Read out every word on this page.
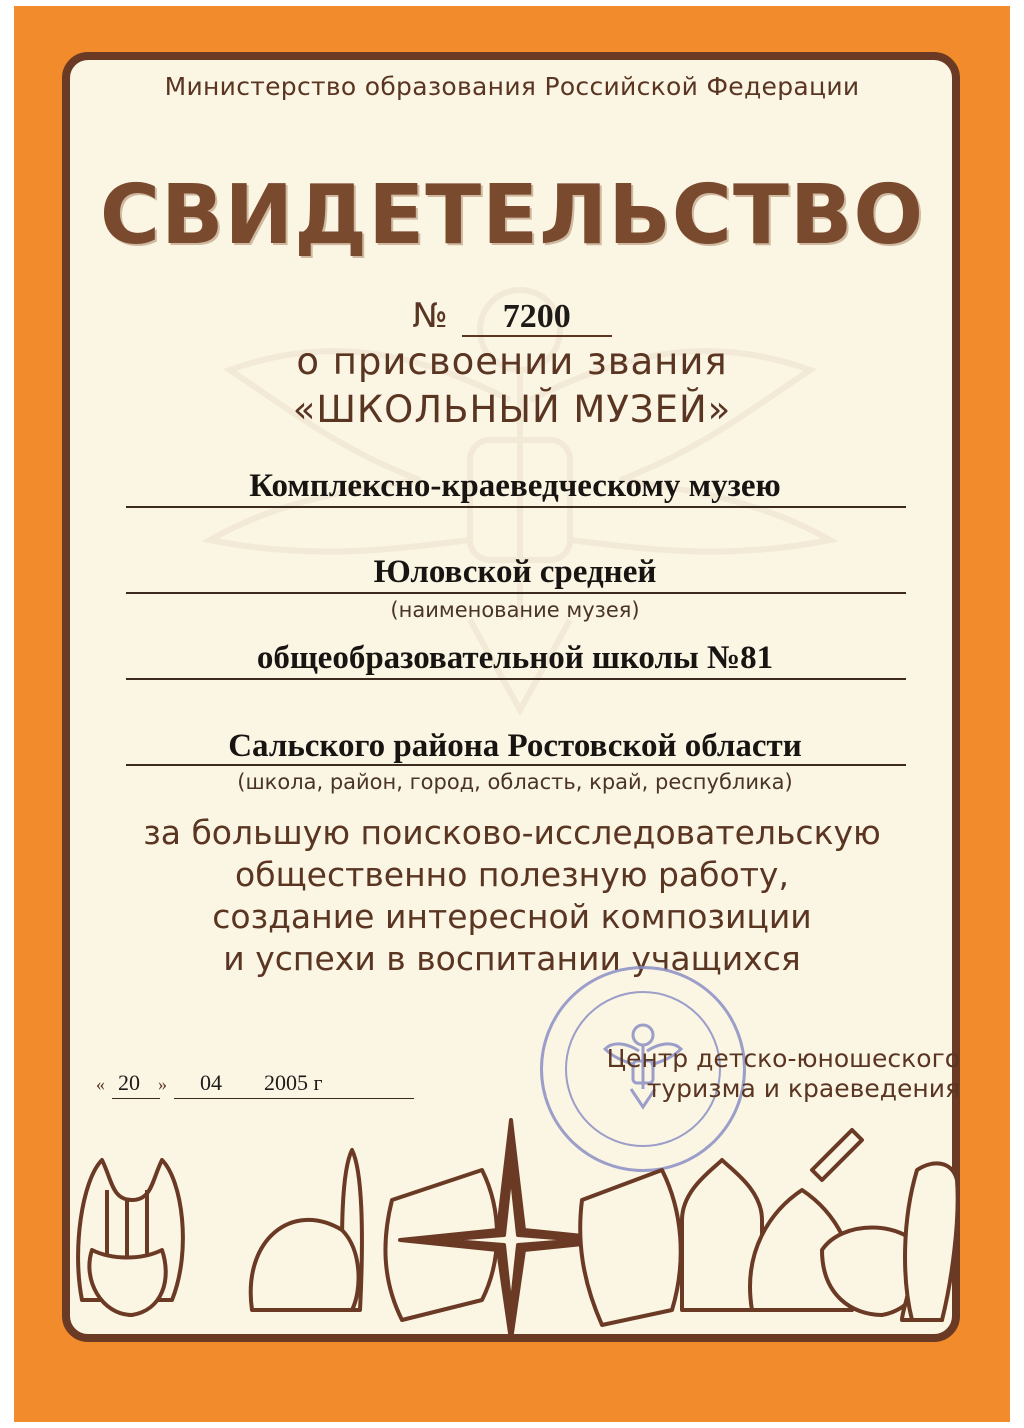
Министерство образования Российской Федерации
СВИДЕТЕЛЬСТВО
№ 7200
о присвоении звания
«ШКОЛЬНЫЙ МУЗЕЙ»
Комплексно-краеведческому музею
Юловской средней
(наименование музея)
общеобразовательной школы №81
Сальского района Ростовской области
(школа, район, город, область, край, республика)
за большую поисково-исследовательскую
общественно полезную работу,
создание интересной композиции
и успехи в воспитании учащихся
Центр детско-юношеского
туризма и краеведения
« 20 » 04 2005 г
